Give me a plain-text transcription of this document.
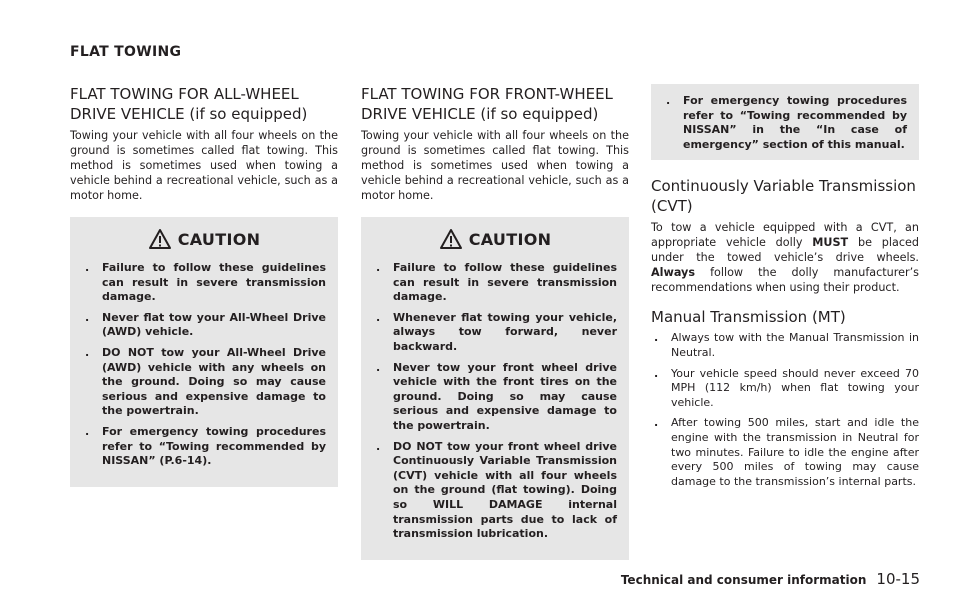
FLAT TOWING
FLAT TOWING FOR ALL-WHEEL DRIVE VEHICLE (if so equipped)

Towing your vehicle with all four wheels on the ground is sometimes called flat towing. This method is sometimes used when towing a vehicle behind a recreational vehicle, such as a motor home.

CAUTION
. Failure to follow these guidelines can result in severe transmission damage.
. Never flat tow your All-Wheel Drive (AWD) vehicle.
. DO NOT tow your All-Wheel Drive (AWD) vehicle with any wheels on the ground. Doing so may cause serious and expensive damage to the powertrain.
. For emergency towing procedures refer to “Towing recommended by NISSAN” (P.6-14).
FLAT TOWING FOR FRONT-WHEEL DRIVE VEHICLE (if so equipped)

Towing your vehicle with all four wheels on the ground is sometimes called flat towing. This method is sometimes used when towing a vehicle behind a recreational vehicle, such as a motor home.

CAUTION
. Failure to follow these guidelines can result in severe transmission damage.
. Whenever flat towing your vehicle, always tow forward, never backward.
. Never tow your front wheel drive vehicle with the front tires on the ground. Doing so may cause serious and expensive damage to the powertrain.
. DO NOT tow your front wheel drive Continuously Variable Transmission (CVT) vehicle with all four wheels on the ground (flat towing). Doing so WILL DAMAGE internal transmission parts due to lack of transmission lubrication.
. For emergency towing procedures refer to “Towing recommended by NISSAN” in the “In case of emergency” section of this manual.
Continuously Variable Transmission (CVT)

To tow a vehicle equipped with a CVT, an appropriate vehicle dolly MUST be placed under the towed vehicle’s drive wheels. Always follow the dolly manufacturer’s recommendations when using their product.

Manual Transmission (MT)
. Always tow with the Manual Transmission in Neutral.
. Your vehicle speed should never exceed 70 MPH (112 km/h) when flat towing your vehicle.
. After towing 500 miles, start and idle the engine with the transmission in Neutral for two minutes. Failure to idle the engine after every 500 miles of towing may cause damage to the transmission’s internal parts.
Technical and consumer information 10-15
